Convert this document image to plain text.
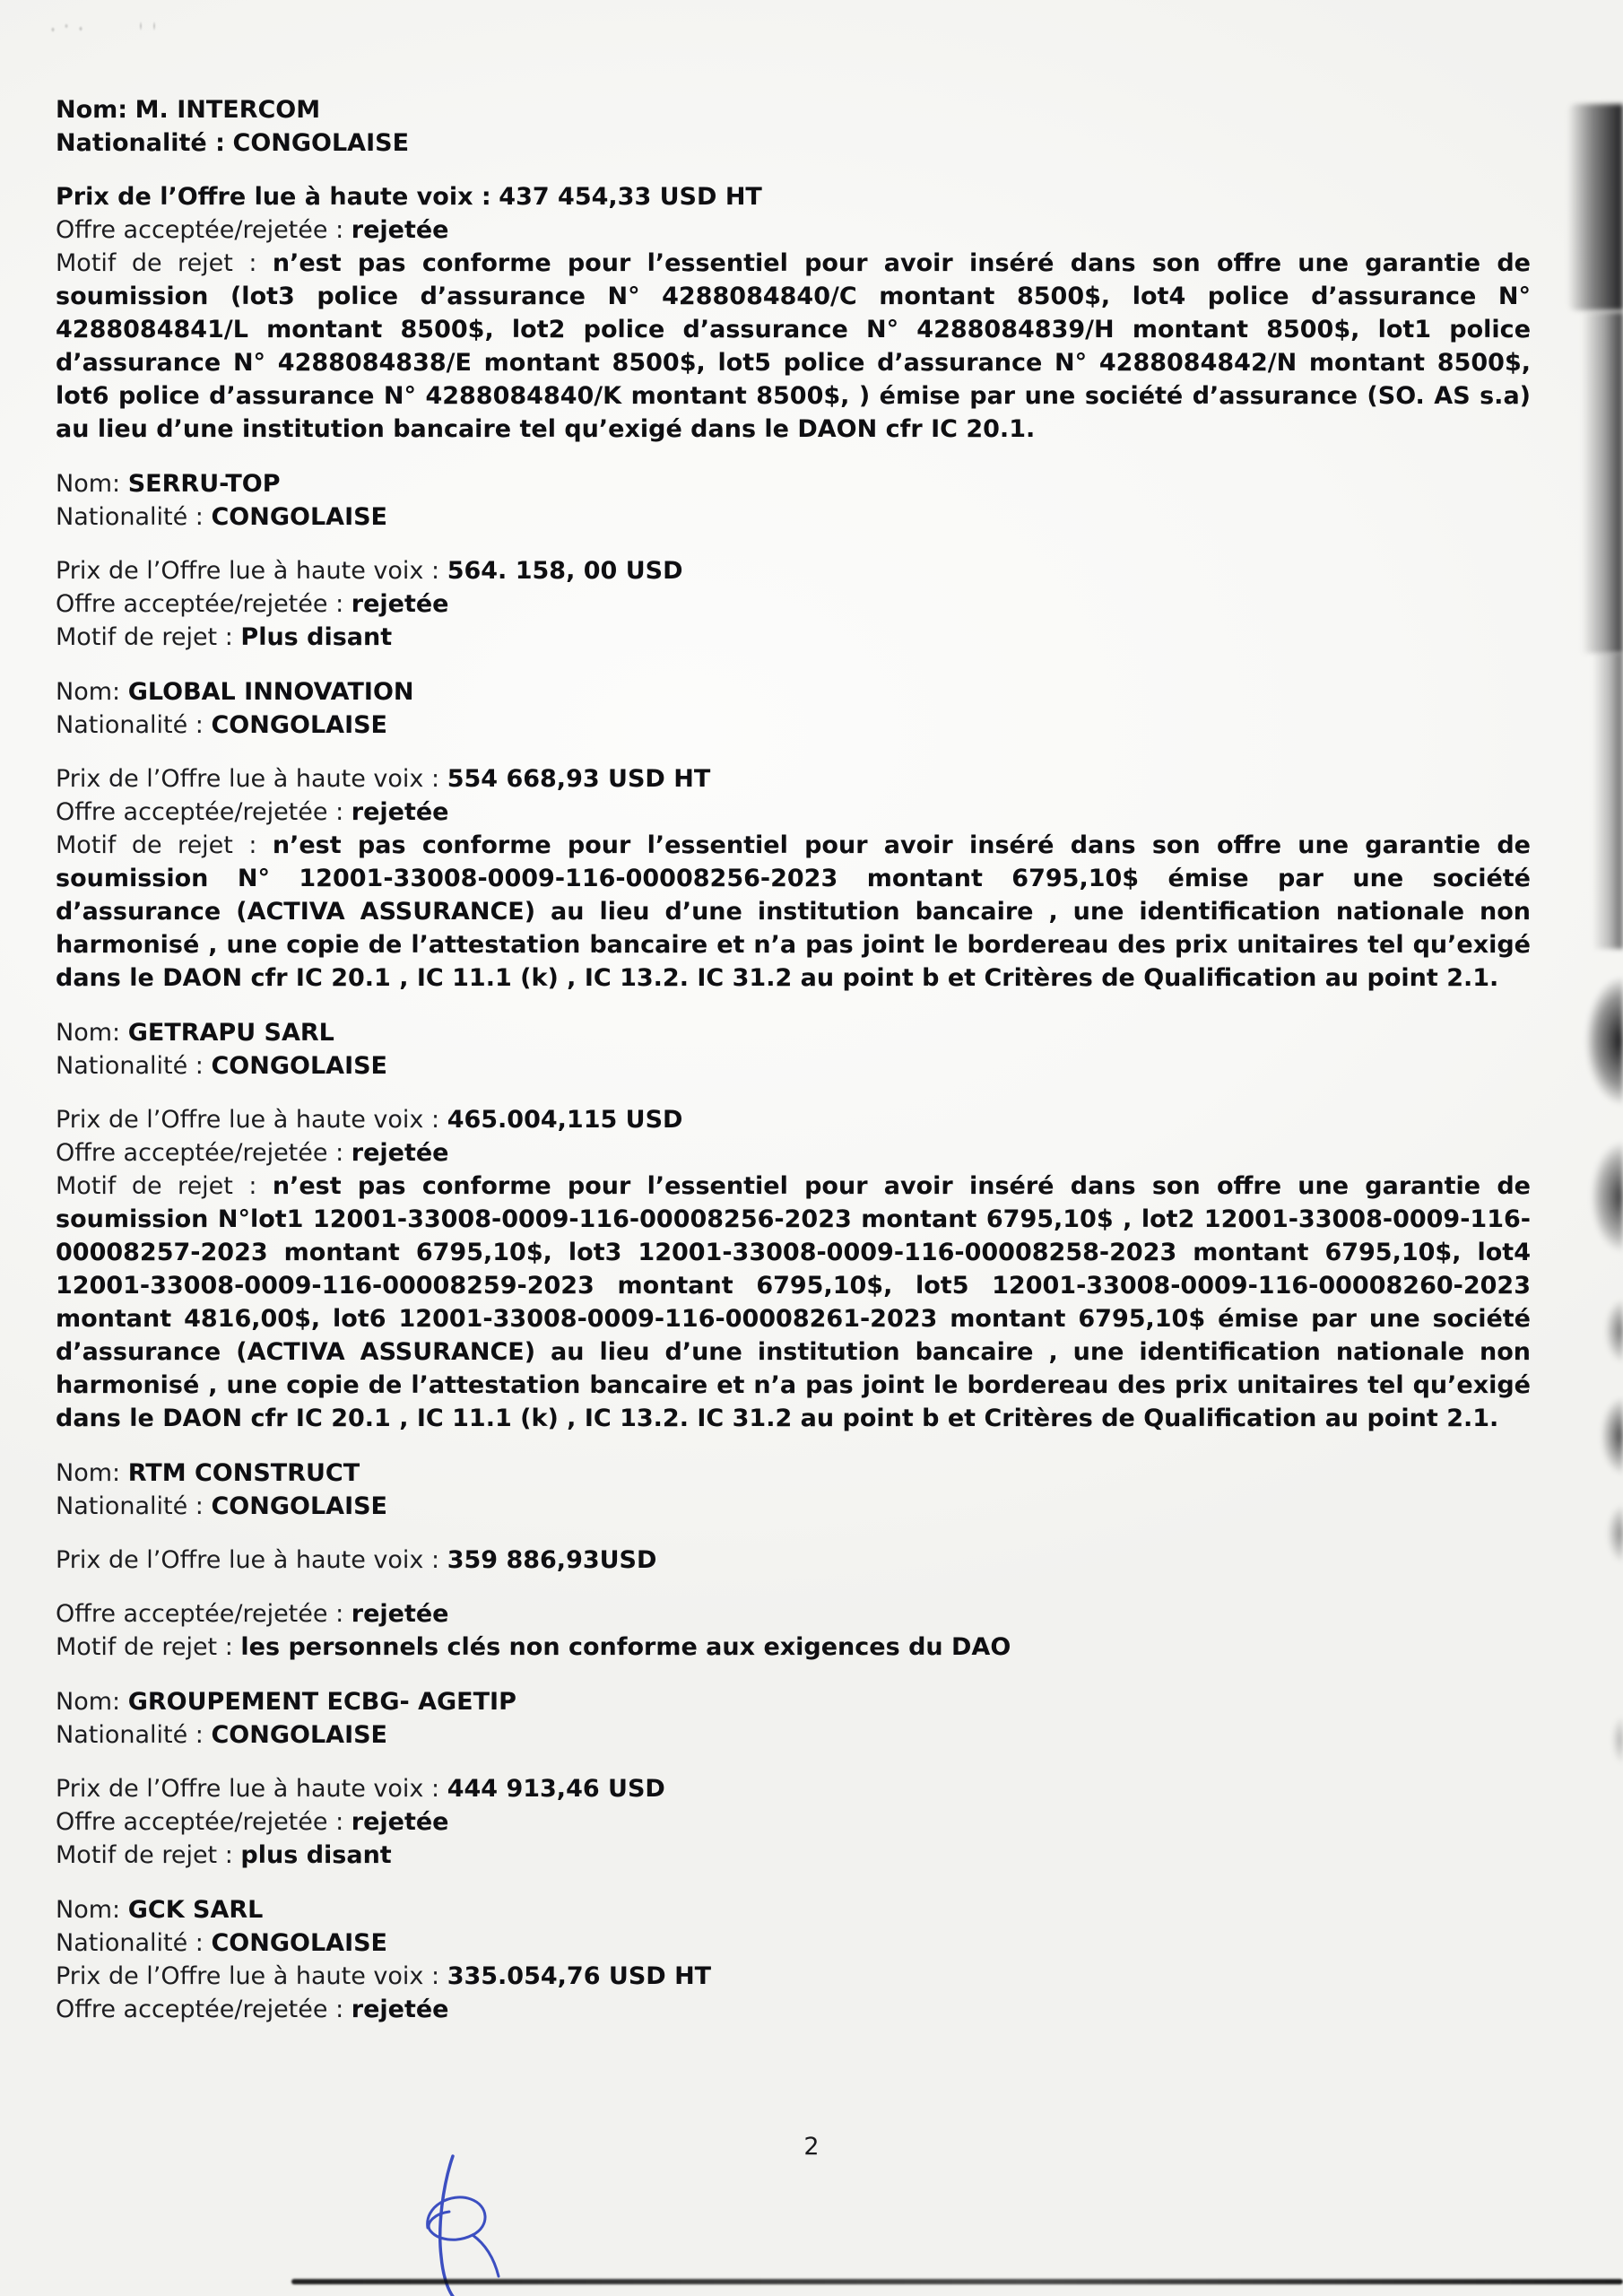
Nom: M. INTERCOM

Nationalité : CONGOLAISE

Prix de l’Offre lue à haute voix : 437 454,33 USD HT

Offre acceptée/rejetée : rejetée

Motif de rejet : n’est pas conforme pour l’essentiel pour avoir inséré dans son offre une garantie de soumission (lot3 police d’assurance N° 4288084840/C montant 8500$, lot4 police d’assurance N° 4288084841/L montant 8500$, lot2 police d’assurance N° 4288084839/H montant 8500$, lot1 police d’assurance N° 4288084838/E montant 8500$, lot5 police d’assurance N° 4288084842/N montant 8500$, lot6 police d’assurance N° 4288084840/K montant 8500$, ) émise par une société d’assurance (SO. AS s.a) au lieu d’une institution bancaire tel qu’exigé dans le DAON cfr IC 20.1.

Nom: SERRU-TOP

Nationalité : CONGOLAISE

Prix de l’Offre lue à haute voix : 564. 158, 00 USD

Offre acceptée/rejetée : rejetée

Motif de rejet : Plus disant

Nom: GLOBAL INNOVATION

Nationalité : CONGOLAISE

Prix de l’Offre lue à haute voix : 554 668,93 USD HT

Offre acceptée/rejetée : rejetée

Motif de rejet : n’est pas conforme pour l’essentiel pour avoir inséré dans son offre une garantie de soumission N° 12001-33008-0009-116-00008256-2023 montant 6795,10$ émise par une société d’assurance (ACTIVA ASSURANCE) au lieu d’une institution bancaire , une identification nationale non harmonisé , une copie de l’attestation bancaire et n’a pas joint le bordereau des prix unitaires tel qu’exigé dans le DAON cfr IC 20.1 , IC 11.1 (k) , IC 13.2. IC 31.2 au point b et Critères de Qualification au point 2.1.

Nom: GETRAPU SARL

Nationalité : CONGOLAISE

Prix de l’Offre lue à haute voix : 465.004,115 USD

Offre acceptée/rejetée : rejetée

Motif de rejet : n’est pas conforme pour l’essentiel pour avoir inséré dans son offre une garantie de soumission N°lot1 12001-33008-0009-116-00008256-2023 montant 6795,10$ , lot2 12001-33008-0009-116-00008257-2023 montant 6795,10$, lot3 12001-33008-0009-116-00008258-2023 montant 6795,10$, lot4 12001-33008-0009-116-00008259-2023 montant 6795,10$, lot5 12001-33008-0009-116-00008260-2023 montant 4816,00$, lot6 12001-33008-0009-116-00008261-2023 montant 6795,10$ émise par une société d’assurance (ACTIVA ASSURANCE) au lieu d’une institution bancaire , une identification nationale non harmonisé , une copie de l’attestation bancaire et n’a pas joint le bordereau des prix unitaires tel qu’exigé dans le DAON cfr IC 20.1 , IC 11.1 (k) , IC 13.2. IC 31.2 au point b et Critères de Qualification au point 2.1.

Nom: RTM CONSTRUCT

Nationalité : CONGOLAISE

Prix de l’Offre lue à haute voix : 359 886,93USD

Offre acceptée/rejetée : rejetée

Motif de rejet : les personnels clés non conforme aux exigences du DAO

Nom: GROUPEMENT ECBG- AGETIP

Nationalité : CONGOLAISE

Prix de l’Offre lue à haute voix : 444 913,46 USD

Offre acceptée/rejetée : rejetée

Motif de rejet : plus disant

Nom: GCK SARL

Nationalité : CONGOLAISE

Prix de l’Offre lue à haute voix : 335.054,76 USD HT

Offre acceptée/rejetée : rejetée

2
